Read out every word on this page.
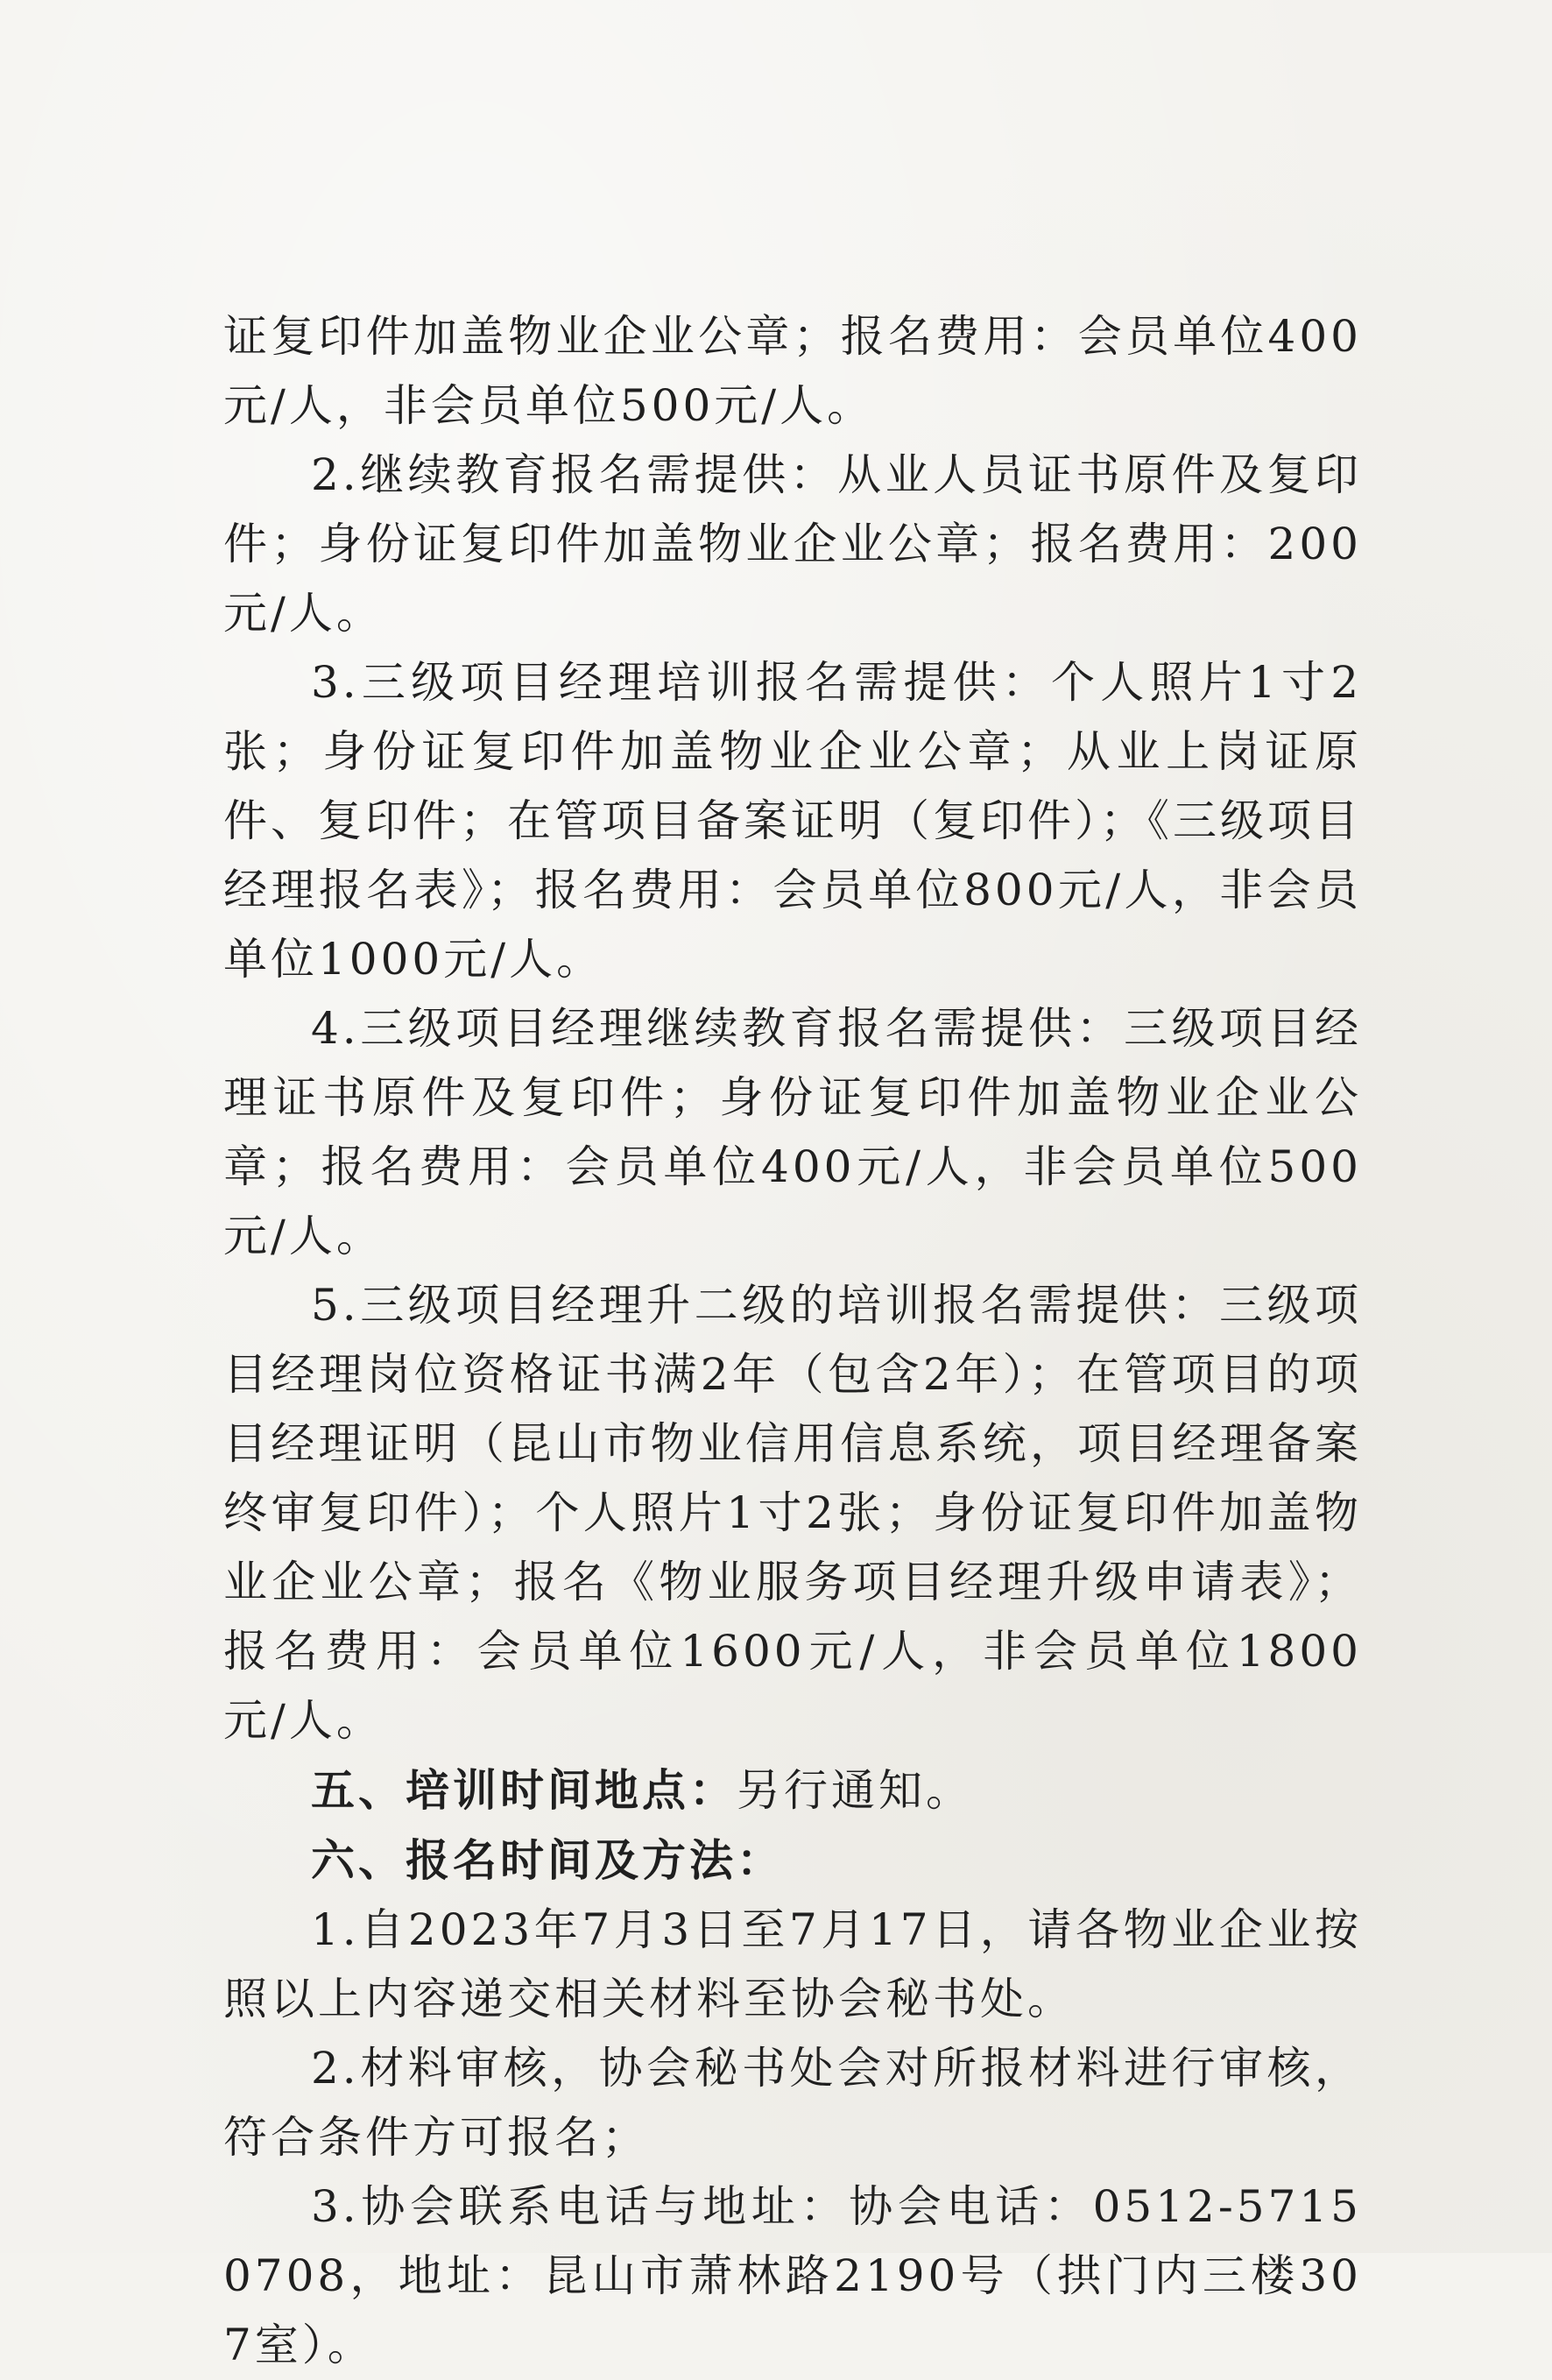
证复印件加盖物业企业公章；报名费用：会员单位400元/人，非会员单位500元/人。

2.继续教育报名需提供：从业人员证书原件及复印件；身份证复印件加盖物业企业公章；报名费用：200元/人。

3.三级项目经理培训报名需提供：个人照片1寸2张；身份证复印件加盖物业企业公章；从业上岗证原件、复印件；在管项目备案证明（复印件）；《三级项目经理报名表》；报名费用：会员单位800元/人，非会员单位1000元/人。

4.三级项目经理继续教育报名需提供：三级项目经理证书原件及复印件；身份证复印件加盖物业企业公章；报名费用：会员单位400元/人，非会员单位500元/人。

5.三级项目经理升二级的培训报名需提供：三级项目经理岗位资格证书满2年（包含2年）；在管项目的项目经理证明（昆山市物业信用信息系统，项目经理备案终审复印件）；个人照片1寸2张；身份证复印件加盖物业企业公章；报名《物业服务项目经理升级申请表》；报名费用：会员单位1600元/人，非会员单位1800元/人。

五、培训时间地点：另行通知。

六、报名时间及方法：

1.自2023年7月3日至7月17日，请各物业企业按照以上内容递交相关材料至协会秘书处。

2.材料审核，协会秘书处会对所报材料进行审核，符合条件方可报名；

3.协会联系电话与地址：协会电话：0512-57150708，地址：昆山市萧林路2190号（拱门内三楼307室）。
